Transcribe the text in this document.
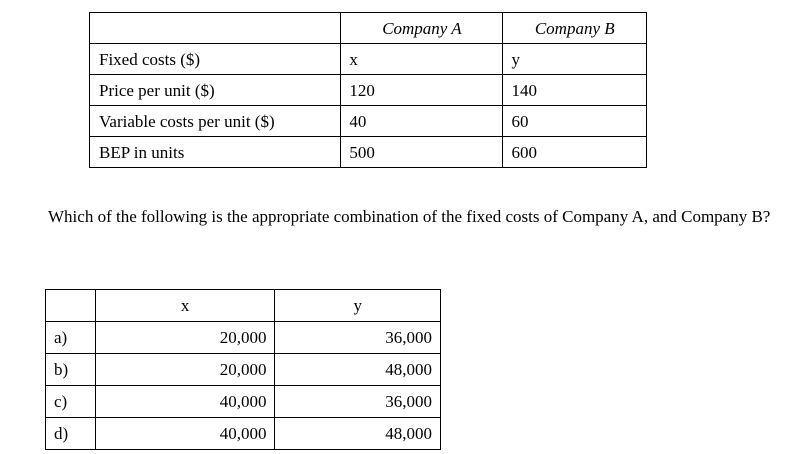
	Company A	Company B
Fixed costs ($)	x	y
Price per unit ($)	120	140
Variable costs per unit ($)	40	60
BEP in units	500	600

Which of the following is the appropriate combination of the fixed costs of Company A, and Company B?

	x	y
a)	20,000	36,000
b)	20,000	48,000
c)	40,000	36,000
d)	40,000	48,000
